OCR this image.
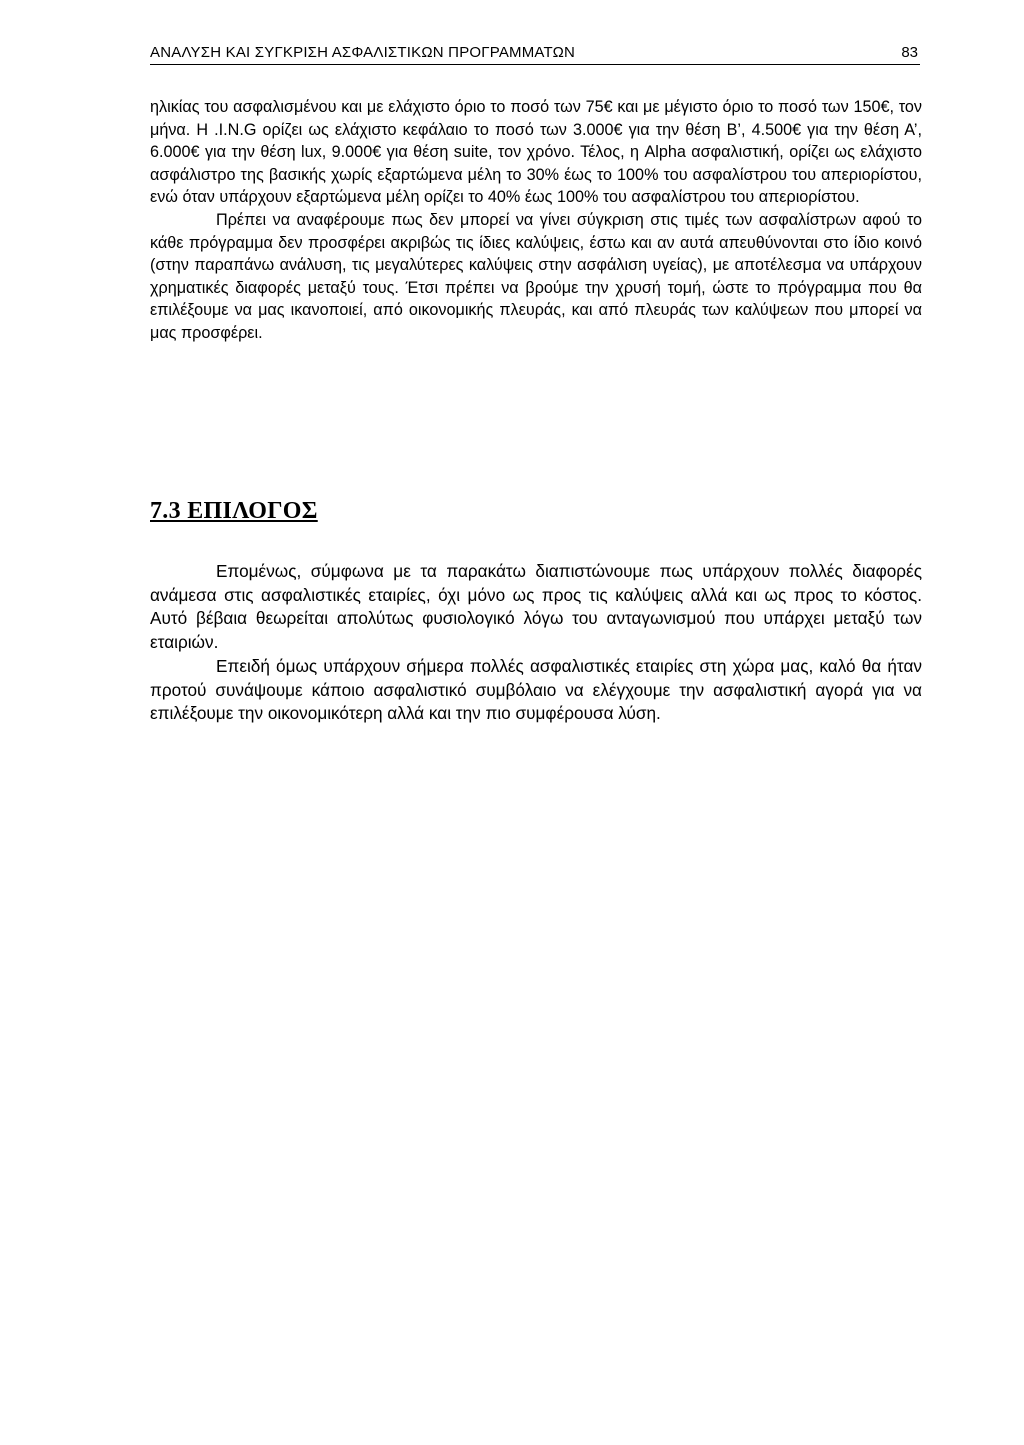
ΑΝΑΛΥΣΗ ΚΑΙ ΣΥΓΚΡΙΣΗ ΑΣΦΑΛΙΣΤΙΚΩΝ ΠΡΟΓΡΑΜΜΑΤΩΝ	83

ηλικίας του ασφαλισμένου και με ελάχιστο όριο το ποσό των 75€ και με μέγιστο όριο το ποσό των 150€, τον μήνα. Η .I.N.G ορίζει ως ελάχιστο κεφάλαιο το ποσό των 3.000€ για την θέση Β’, 4.500€ για την θέση Α’, 6.000€ για την θέση lux, 9.000€ για θέση suite, τον χρόνο. Τέλος, η Alpha ασφαλιστική, ορίζει ως ελάχιστο ασφάλιστρο της βασικής χωρίς εξαρτώμενα μέλη το 30% έως το 100% του ασφαλίστρου του απεριορίστου, ενώ όταν υπάρχουν εξαρτώμενα μέλη ορίζει το 40% έως 100% του ασφαλίστρου του απεριορίστου.

Πρέπει να αναφέρουμε πως δεν μπορεί να γίνει σύγκριση στις τιμές των ασφαλίστρων αφού το κάθε πρόγραμμα δεν προσφέρει ακριβώς τις ίδιες καλύψεις, έστω και αν αυτά απευθύνονται στο ίδιο κοινό (στην παραπάνω ανάλυση, τις μεγαλύτερες καλύψεις στην ασφάλιση υγείας), με αποτέλεσμα να υπάρχουν χρηματικές διαφορές μεταξύ τους. Έτσι πρέπει να βρούμε την χρυσή τομή, ώστε το πρόγραμμα που θα επιλέξουμε να μας ικανοποιεί, από οικονομικής πλευράς, και από πλευράς των καλύψεων που μπορεί να μας προσφέρει.

7.3 ΕΠΙΛΟΓΟΣ

Επομένως, σύμφωνα με τα παρακάτω διαπιστώνουμε πως υπάρχουν πολλές διαφορές ανάμεσα στις ασφαλιστικές εταιρίες, όχι μόνο ως προς τις καλύψεις αλλά και ως προς το κόστος. Αυτό βέβαια θεωρείται απολύτως φυσιολογικό λόγω του ανταγωνισμού που υπάρχει μεταξύ των εταιριών.

Επειδή όμως υπάρχουν σήμερα πολλές ασφαλιστικές εταιρίες στη χώρα μας, καλό θα ήταν προτού συνάψουμε κάποιο ασφαλιστικό συμβόλαιο να ελέγχουμε την ασφαλιστική αγορά για να επιλέξουμε την οικονομικότερη αλλά και την πιο συμφέρουσα λύση.
